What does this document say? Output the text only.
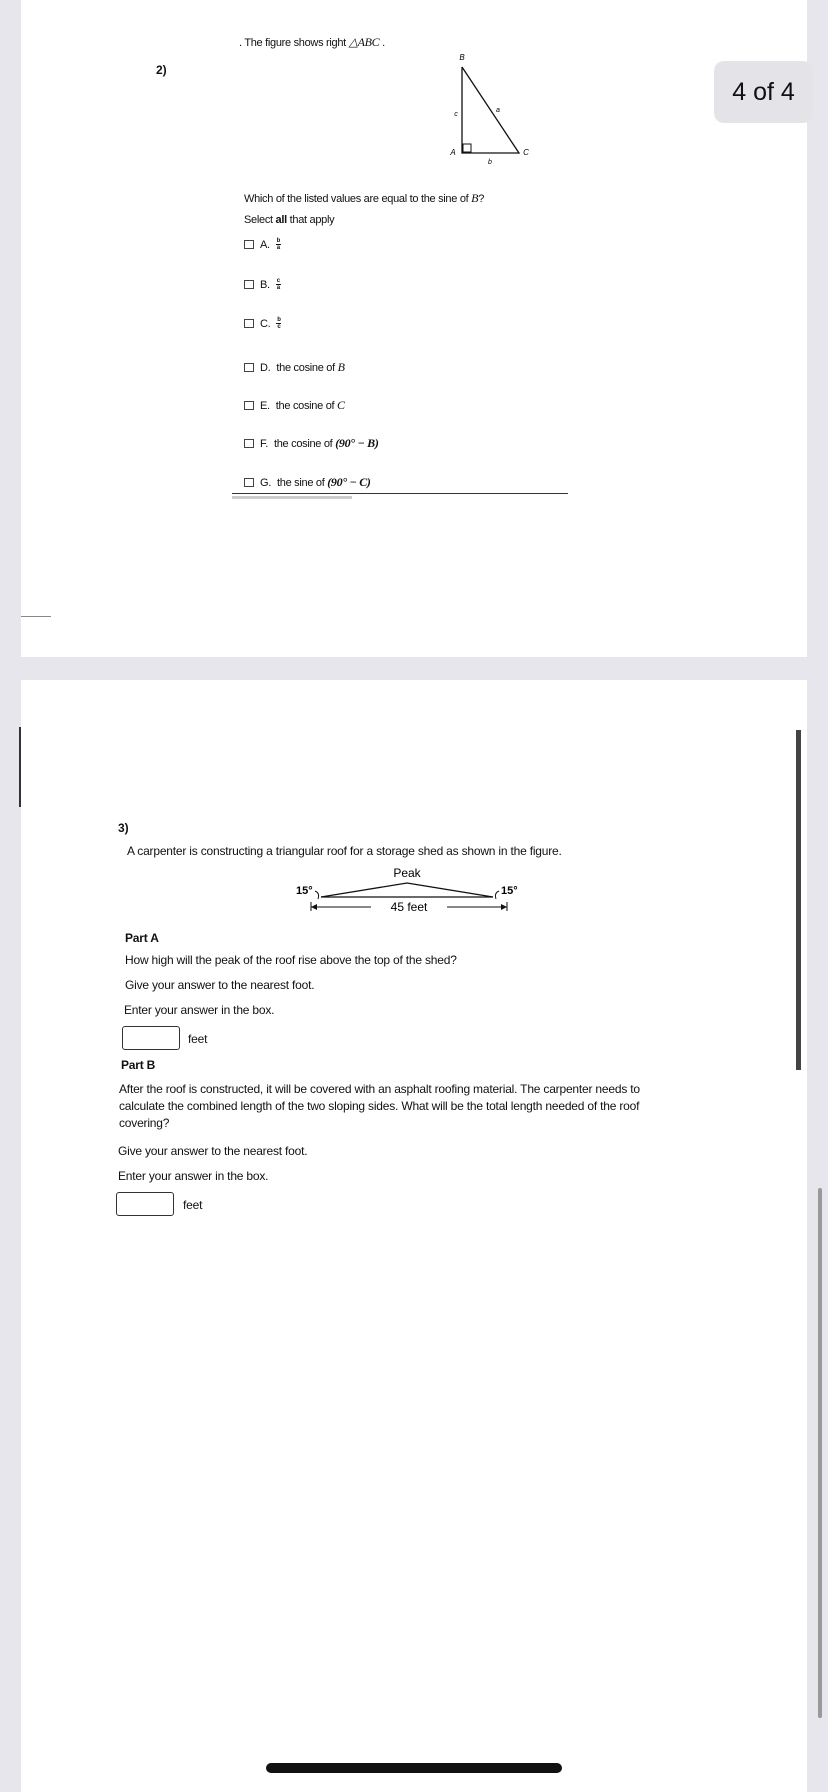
2)
. The figure shows right △ABC .
B
A	C
a
b
c
Which of the listed values are equal to the sine of B?
Select all that apply
A. $\frac{b}{a}$
B. $\frac{c}{a}$
C. $\frac{b}{c}$
D. the cosine of B
E. the cosine of C
F. the cosine of (90° − B)
G. the sine of (90° − C)
3)
A carpenter is constructing a triangular roof for a storage shed as shown in the figure.
Peak
15°	15°
45 feet
Part A
How high will the peak of the roof rise above the top of the shed?
Give your answer to the nearest foot.
Enter your answer in the box.
feet
Part B
After the roof is constructed, it will be covered with an asphalt roofing material. The carpenter needs to
calculate the combined length of the two sloping sides. What will be the total length needed of the roof
covering?
Give your answer to the nearest foot.
Enter your answer in the box.
feet
4 of 4
